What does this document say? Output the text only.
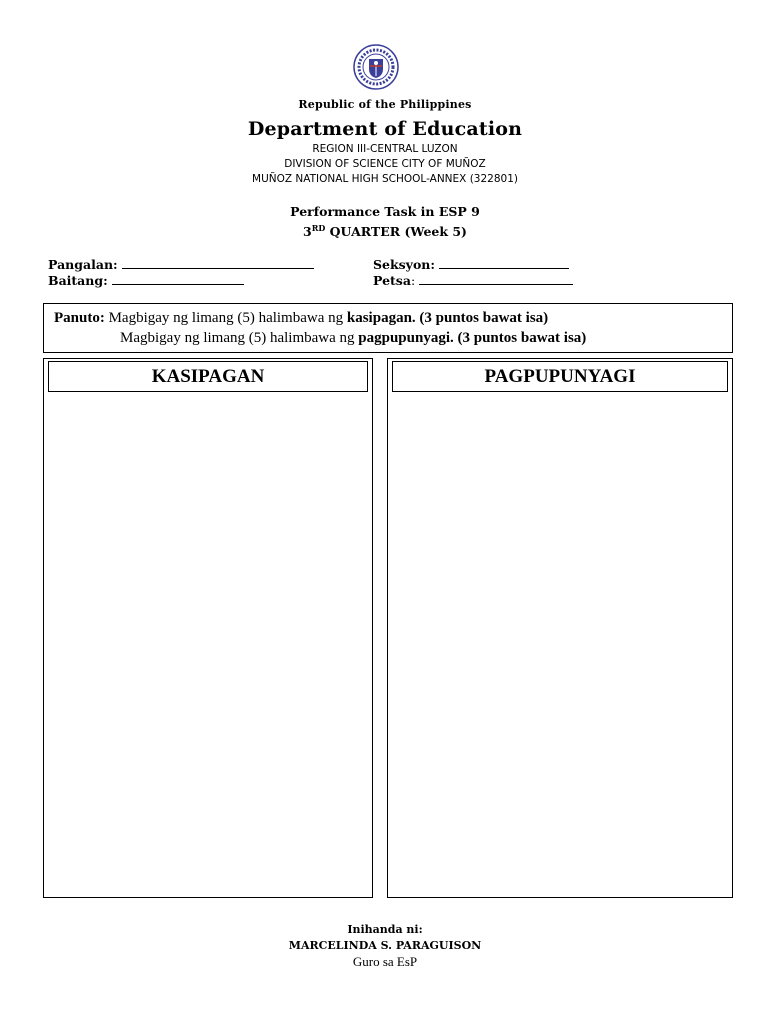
Republic of the Philippines
Department of Education
REGION III-CENTRAL LUZON
DIVISION OF SCIENCE CITY OF MUÑOZ
MUÑOZ NATIONAL HIGH SCHOOL-ANNEX (322801)
Performance Task in ESP 9
3RD QUARTER (Week 5)
Pangalan:
Baitang:
Seksyon:
Petsa:
Panuto: Magbigay ng limang (5) halimbawa ng kasipagan. (3 puntos bawat isa)
Magbigay ng limang (5) halimbawa ng pagpupunyagi. (3 puntos bawat isa)
KASIPAGAN	PAGPUPUNYAGI
Inihanda ni:
MARCELINDA S. PARAGUISON
Guro sa EsP
